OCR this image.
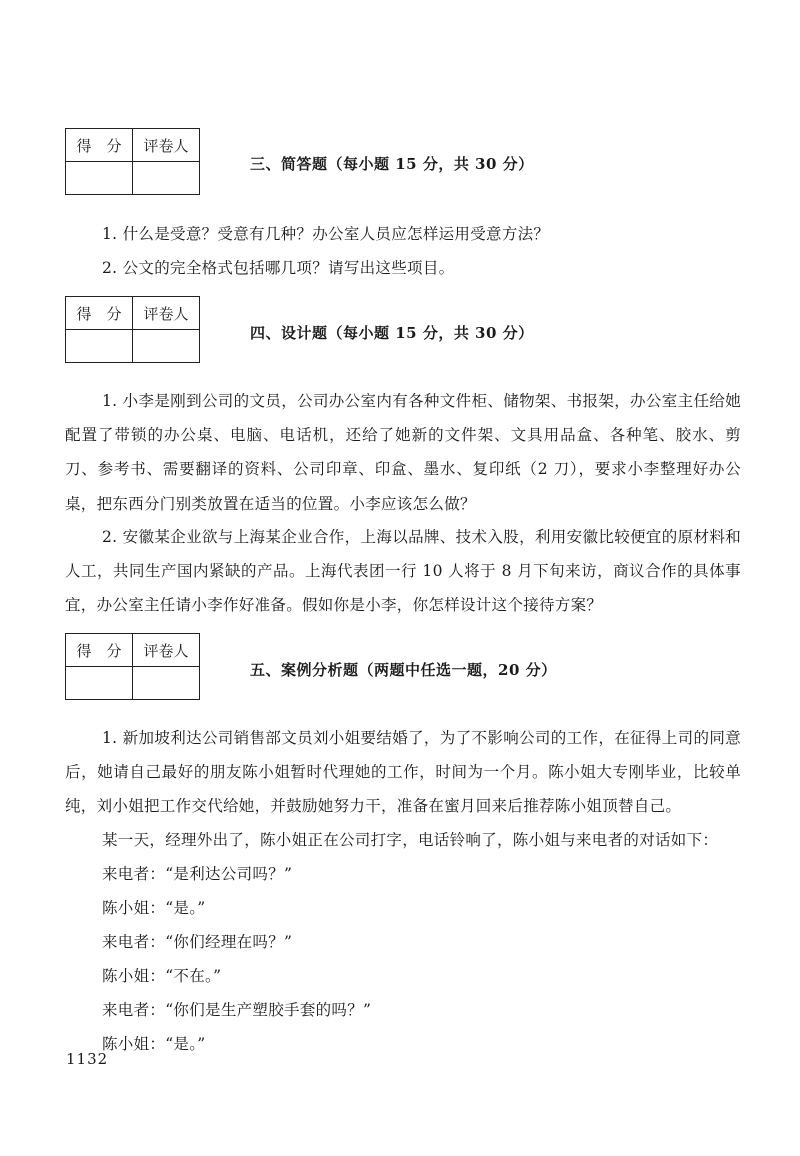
得　分	评卷人

三、简答题（每小题 15 分，共 30 分）
1. 什么是受意？受意有几种？办公室人员应怎样运用受意方法？
2. 公文的完全格式包括哪几项？请写出这些项目。
得　分	评卷人

四、设计题（每小题 15 分，共 30 分）
1. 小李是刚到公司的文员，公司办公室内有各种文件柜、储物架、书报架，办公室主任给她配置了带锁的办公桌、电脑、电话机，还给了她新的文件架、文具用品盒、各种笔、胶水、剪刀、参考书、需要翻译的资料、公司印章、印盒、墨水、复印纸（2 刀），要求小李整理好办公桌，把东西分门别类放置在适当的位置。小李应该怎么做？
2. 安徽某企业欲与上海某企业合作，上海以品牌、技术入股，利用安徽比较便宜的原材料和人工，共同生产国内紧缺的产品。上海代表团一行 10 人将于 8 月下旬来访，商议合作的具体事宜，办公室主任请小李作好准备。假如你是小李，你怎样设计这个接待方案？
得　分	评卷人

五、案例分析题（两题中任选一题，20 分）
1. 新加坡利达公司销售部文员刘小姐要结婚了，为了不影响公司的工作，在征得上司的同意后，她请自己最好的朋友陈小姐暂时代理她的工作，时间为一个月。陈小姐大专刚毕业，比较单纯，刘小姐把工作交代给她，并鼓励她努力干，准备在蜜月回来后推荐陈小姐顶替自己。
某一天，经理外出了，陈小姐正在公司打字，电话铃响了，陈小姐与来电者的对话如下：
来电者：“是利达公司吗？”
陈小姐：“是。”
来电者：“你们经理在吗？”
陈小姐：“不在。”
来电者：“你们是生产塑胶手套的吗？”
陈小姐：“是。”
1132
